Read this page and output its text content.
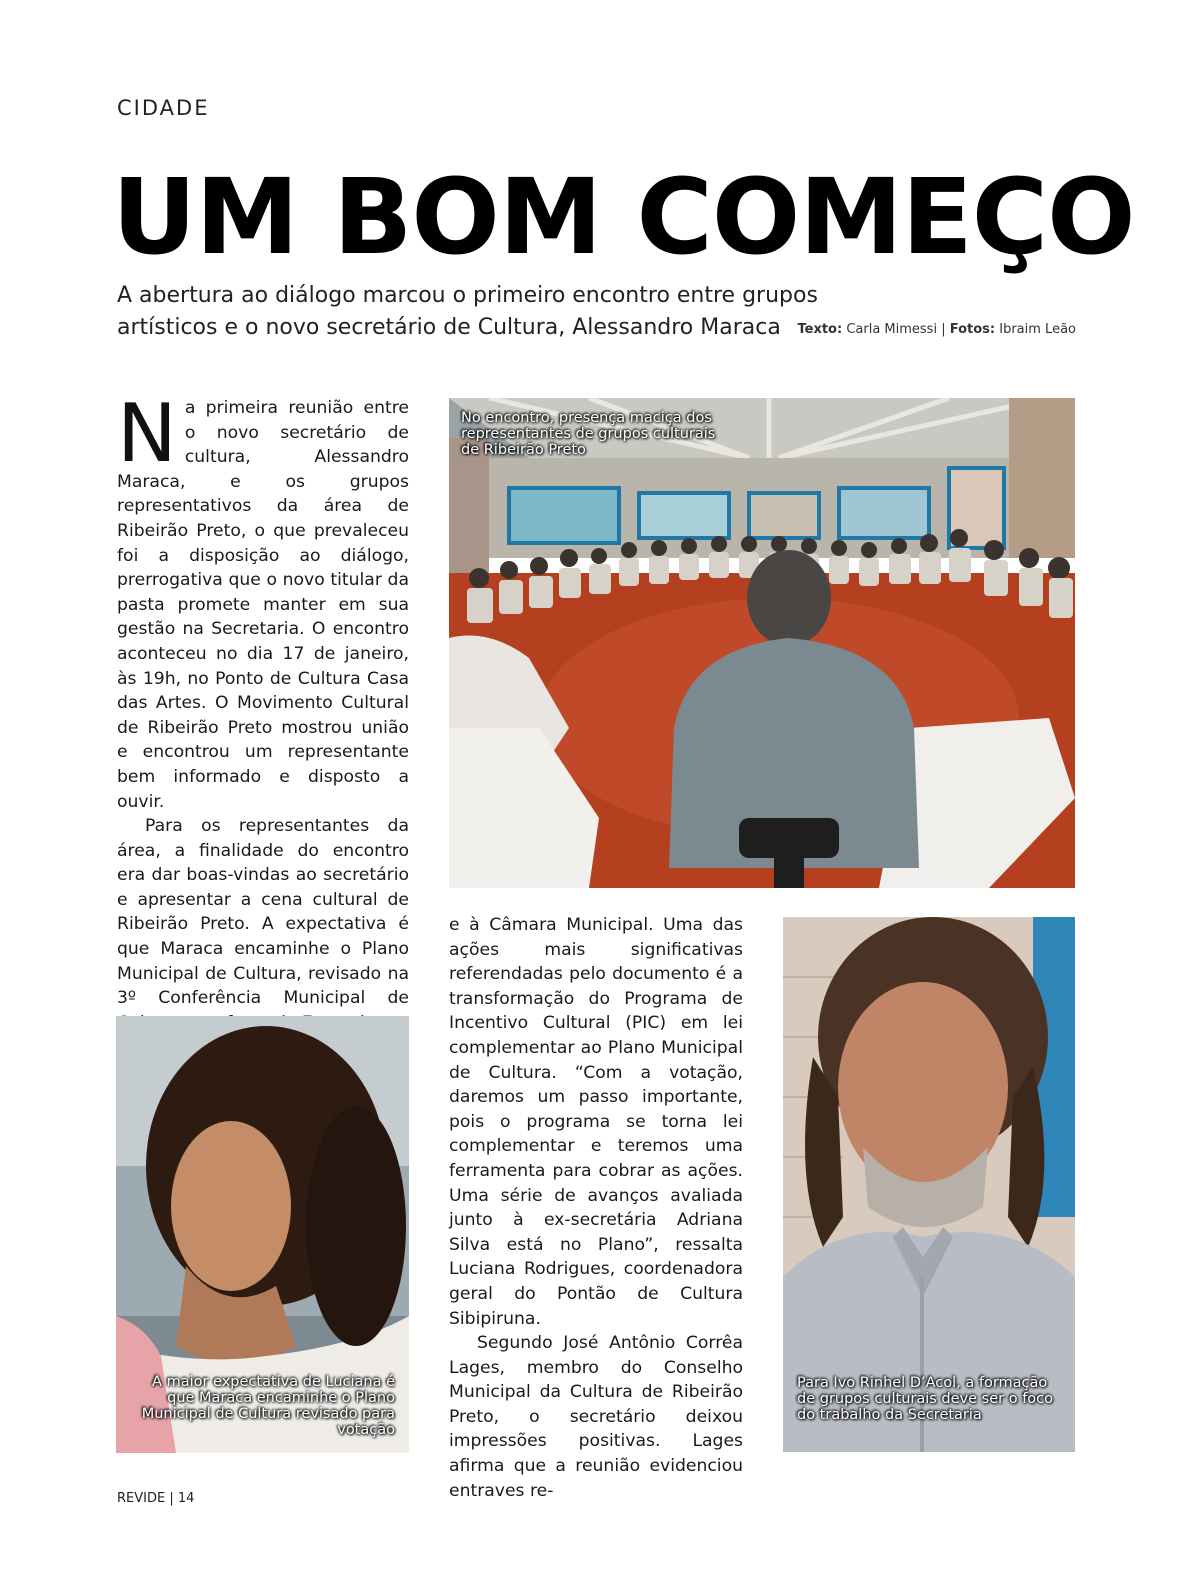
CIDADE
UM BOM COMEÇO
A abertura ao diálogo marcou o primeiro encontro entre grupos
artísticos e o novo secretário de Cultura, Alessandro Maraca	Texto: Carla Mimessi | Fotos: Ibraim Leão

Na primeira reunião entre o novo secretário de cultura, Alessandro Maraca, e os grupos representativos da área de Ribeirão Preto, o que prevaleceu foi a disposição ao diálogo, prerrogativa que o novo titular da pasta promete manter em sua gestão na Secretaria. O encontro aconteceu no dia 17 de janeiro, às 19h, no Ponto de Cultura Casa das Artes. O Movimento Cultural de Ribeirão Preto mostrou união e encontrou um representante bem informado e disposto a ouvir.

Para os representantes da área, a finalidade do encontro era dar boas-vindas ao secretário e apresentar a cena cultural de Ribeirão Preto. A expectativa é que Maraca encaminhe o Plano Municipal de Cultura, revisado na 3º Conferência Municipal de

e à Câmara Municipal. Uma das ações mais significativas referendadas pelo documento é a transformação do Programa de Incentivo Cultural (PIC) em lei complementar ao Plano Municipal de Cultura. “Com a votação, daremos um passo importante, pois o programa se torna lei complementar e teremos uma ferramenta para cobrar as ações. Uma série de avanços avaliada junto à ex-secretária Adriana Silva está no Plano”, ressalta Luciana Rodrigues, coordenadora geral do Pontão de Cultura Sibipiruna.

Segundo José Antônio Corrêa Lages, membro do Conselho Municipal da Cultura de Ribeirão Preto, o secretário deixou impressões positivas. Lages afirma que a reunião evidenciou entraves re-

No encontro, presença maciça dos representantes de grupos culturais de Ribeirão Preto
A maior expectativa de Luciana é que Maraca encaminhe o Plano Municipal de Cultura revisado para votação
Para Ivo Rinhel D’Acol, a formação de grupos culturais deve ser o foco do trabalho da Secretaria
REVIDE | 14
